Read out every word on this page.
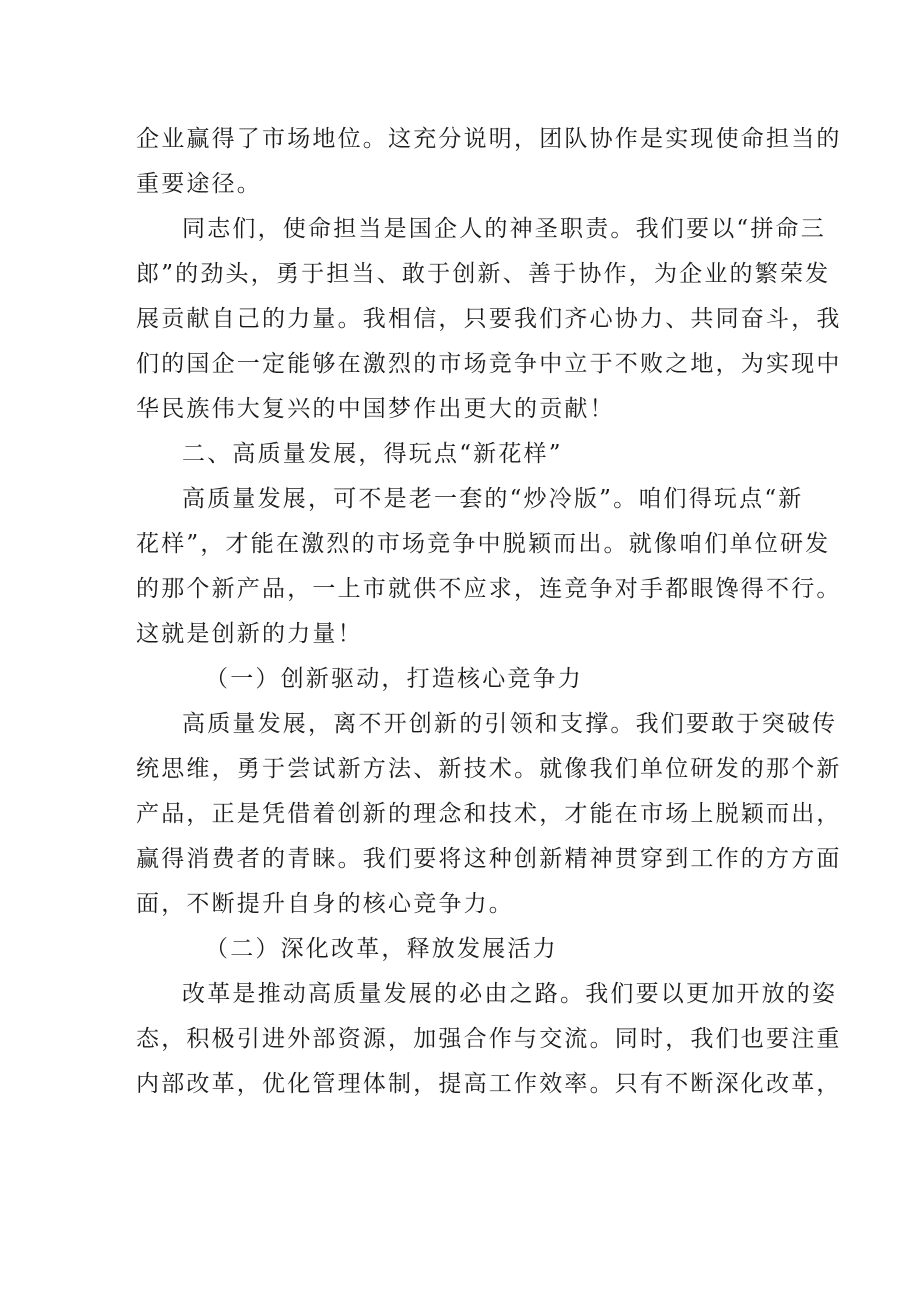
企业赢得了市场地位。这充分说明，团队协作是实现使命担当的
重要途径。
同志们，使命担当是国企人的神圣职责。我们要以“拼命三
郎”的劲头，勇于担当、敢于创新、善于协作，为企业的繁荣发
展贡献自己的力量。我相信，只要我们齐心协力、共同奋斗，我
们的国企一定能够在激烈的市场竞争中立于不败之地，为实现中
华民族伟大复兴的中国梦作出更大的贡献！
二、高质量发展，得玩点“新花样”
高质量发展，可不是老一套的“炒冷版”。咱们得玩点“新
花样”，才能在激烈的市场竞争中脱颖而出。就像咱们单位研发
的那个新产品，一上市就供不应求，连竞争对手都眼馋得不行。
这就是创新的力量！
（一）创新驱动，打造核心竞争力
高质量发展，离不开创新的引领和支撑。我们要敢于突破传
统思维，勇于尝试新方法、新技术。就像我们单位研发的那个新
产品，正是凭借着创新的理念和技术，才能在市场上脱颖而出，
赢得消费者的青睐。我们要将这种创新精神贯穿到工作的方方面
面，不断提升自身的核心竞争力。
（二）深化改革，释放发展活力
改革是推动高质量发展的必由之路。我们要以更加开放的姿
态，积极引进外部资源，加强合作与交流。同时，我们也要注重
内部改革，优化管理体制，提高工作效率。只有不断深化改革，
